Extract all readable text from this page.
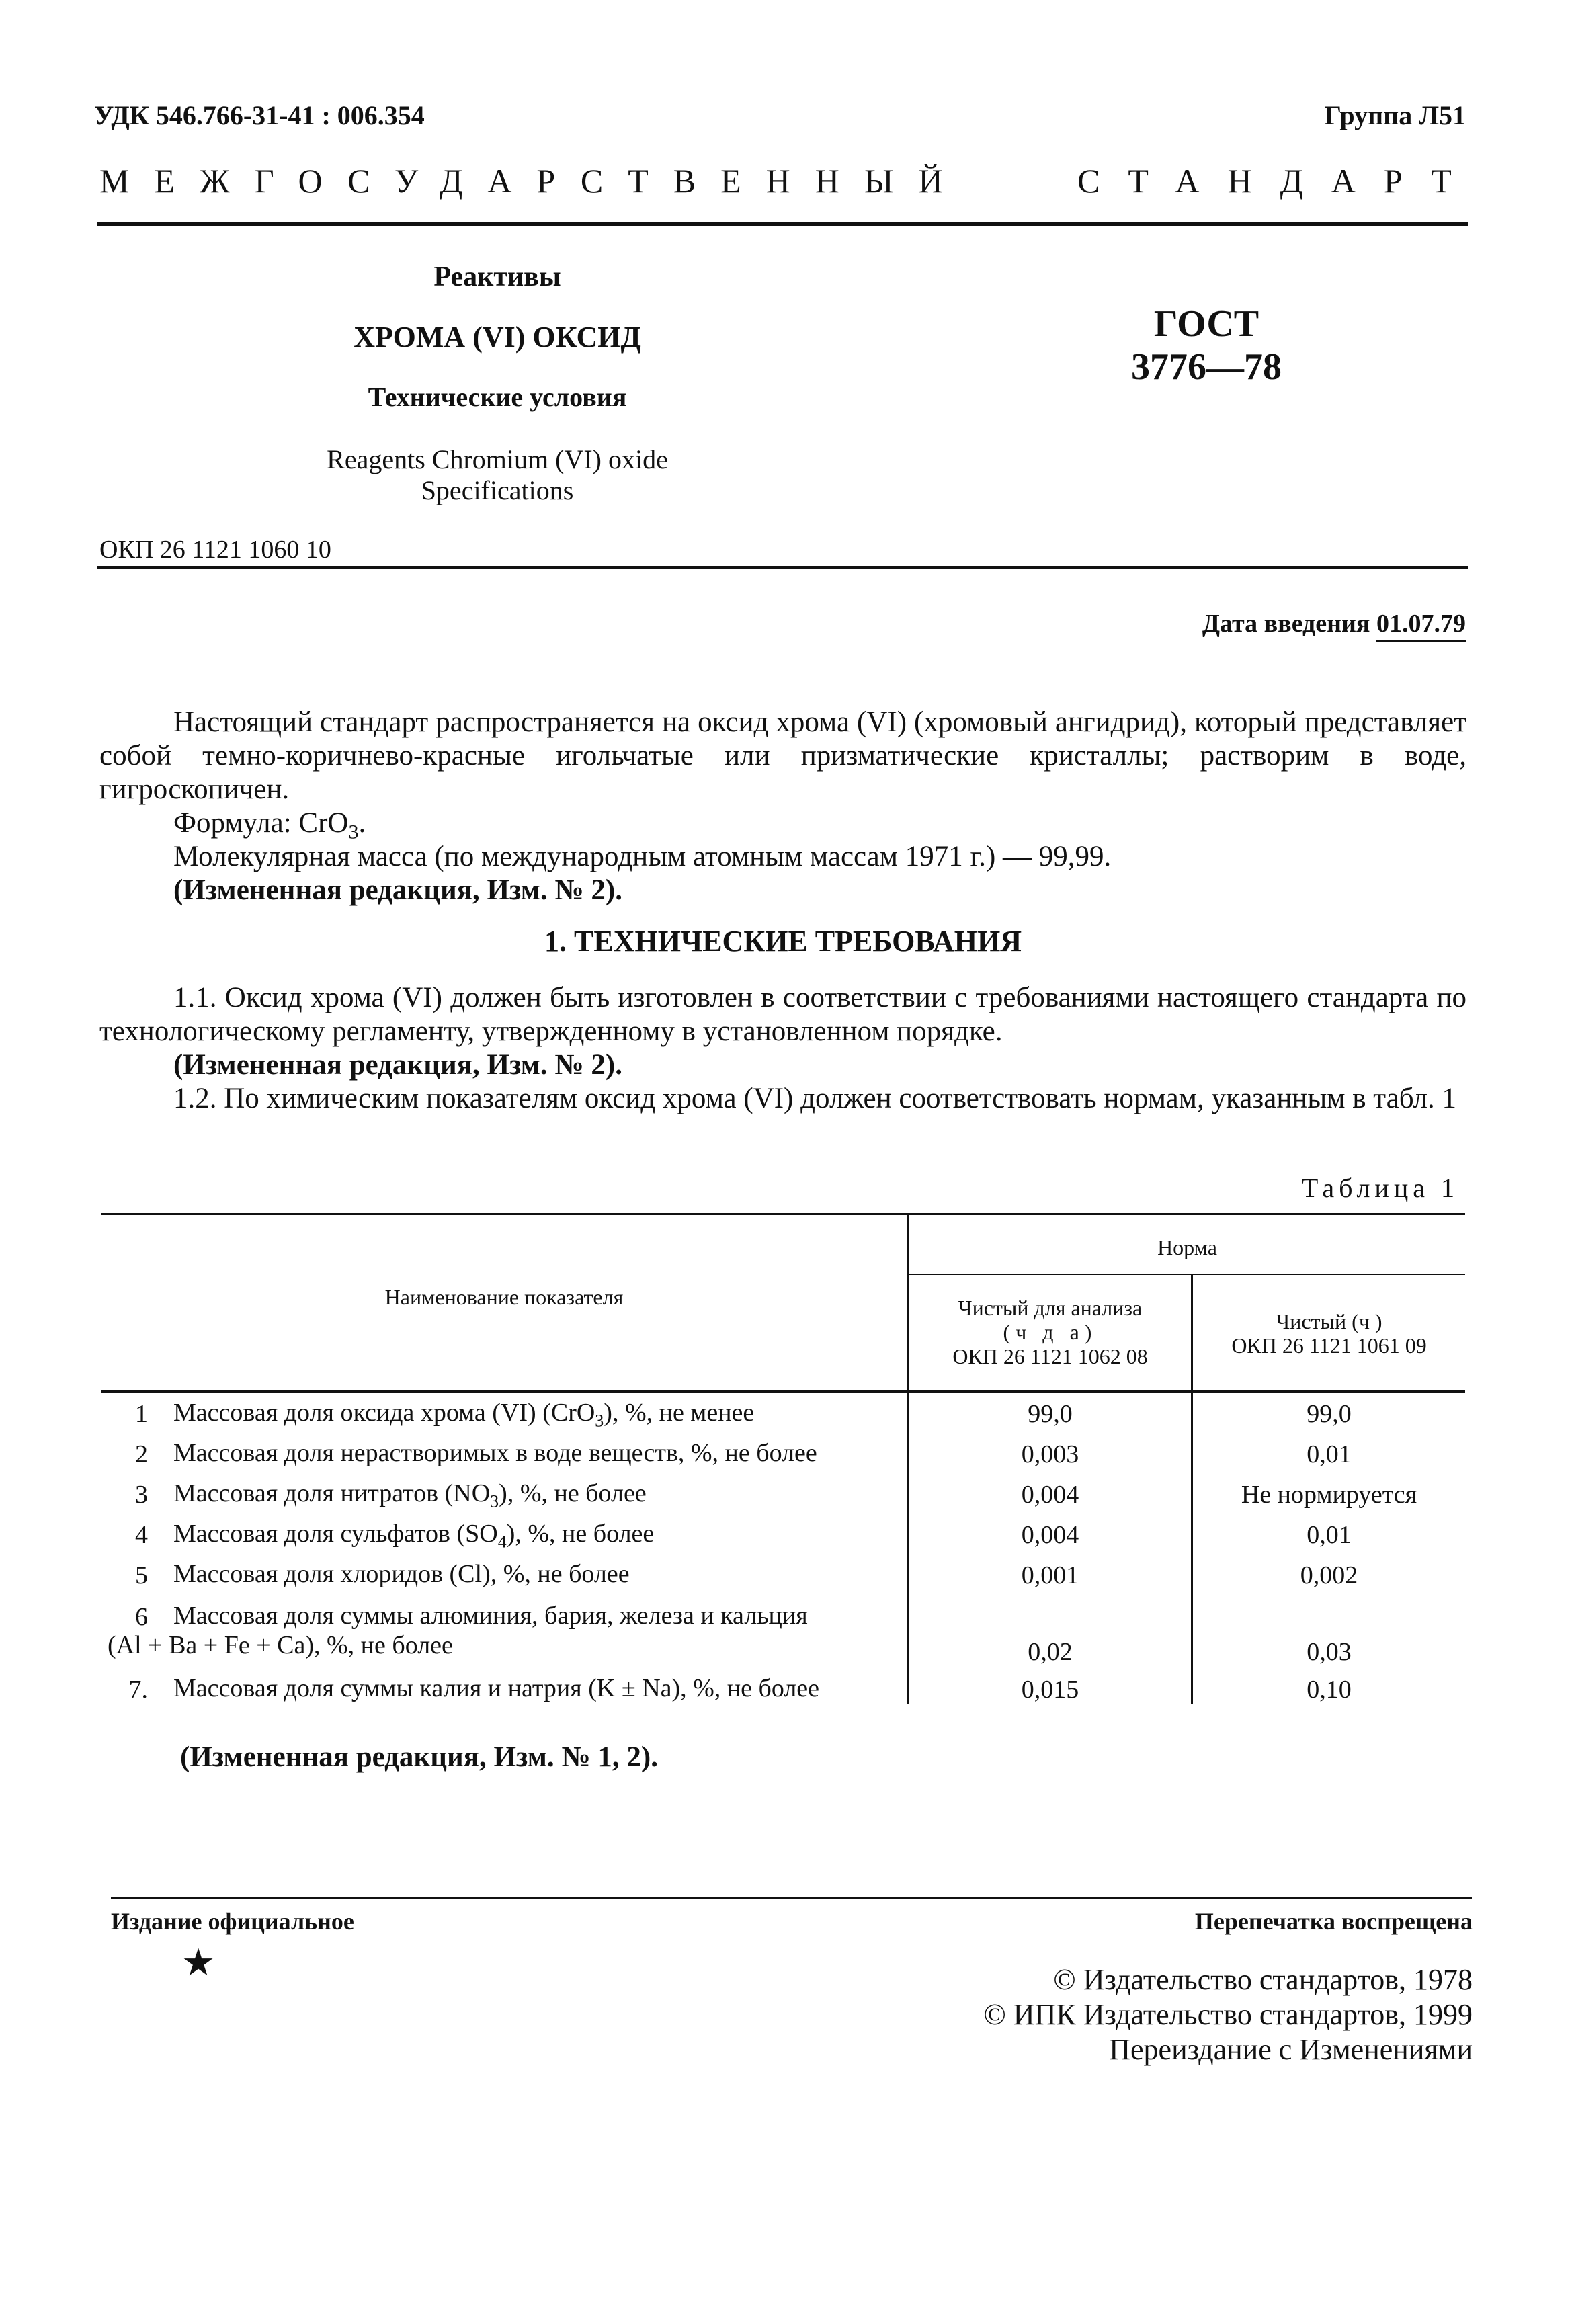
УДК 546.766-31-41 : 006.354	Группа Л51
МЕЖГОСУДАРСТВЕННЫЙ	СТАНДАРТ
Реактивы
ХРОМА (VI) ОКСИД
Технические условия
Reagents Chromium (VI) oxide
Specifications
ГОСТ
3776—78
ОКП 26 1121 1060 10
Дата введения 01.07.79
Настоящий стандарт распространяется на оксид хрома (VI) (хромовый ангидрид), который представляет собой темно-коричнево-красные игольчатые или призматические кристаллы; растворим в воде, гигроскопичен.
Формула: CrO$_3$.
Молекулярная масса (по международным атомным массам 1971 г.) — 99,99.
(Измененная редакция, Изм. № 2).
1. ТЕХНИЧЕСКИЕ ТРЕБОВАНИЯ
1.1. Оксид хрома (VI) должен быть изготовлен в соответствии с требованиями настоящего стандарта по технологическому регламенту, утвержденному в установленном порядке.
(Измененная редакция, Изм. № 2).
1.2. По химическим показателям оксид хрома (VI) должен соответствовать нормам, указанным в табл. 1
Таблица 1
Наименование показателя
Норма
Чистый для анализа
(ч д а)
ОКП 26 1121 1062 08
Чистый (ч )
ОКП 26 1121 1061 09
1 Массовая доля оксида хрома (VI) (CrO$_3$), %, не менее	99,0	99,0
2 Массовая доля нерастворимых в воде веществ, %, не более	0,003	0,01
3 Массовая доля нитратов $(NO_3)$, %, не более	0,004	Не нормируется
4 Массовая доля сульфатов $(SO_4)$, %, не более	0,004	0,01
5 Массовая доля хлоридов (Cl), %, не более	0,001	0,002
6 Массовая доля суммы алюминия, бария, железа и кальция
(Al + Ba + Fe + Ca), %, не более	0,02	0,03
7. Массовая доля суммы калия и натрия (K ± Na), %, не более	0,015	0,10
(Измененная редакция, Изм. № 1, 2).
Издание официальное
★
Перепечатка воспрещена
© Издательство стандартов, 1978
© ИПК Издательство стандартов, 1999
Переиздание с Изменениями
